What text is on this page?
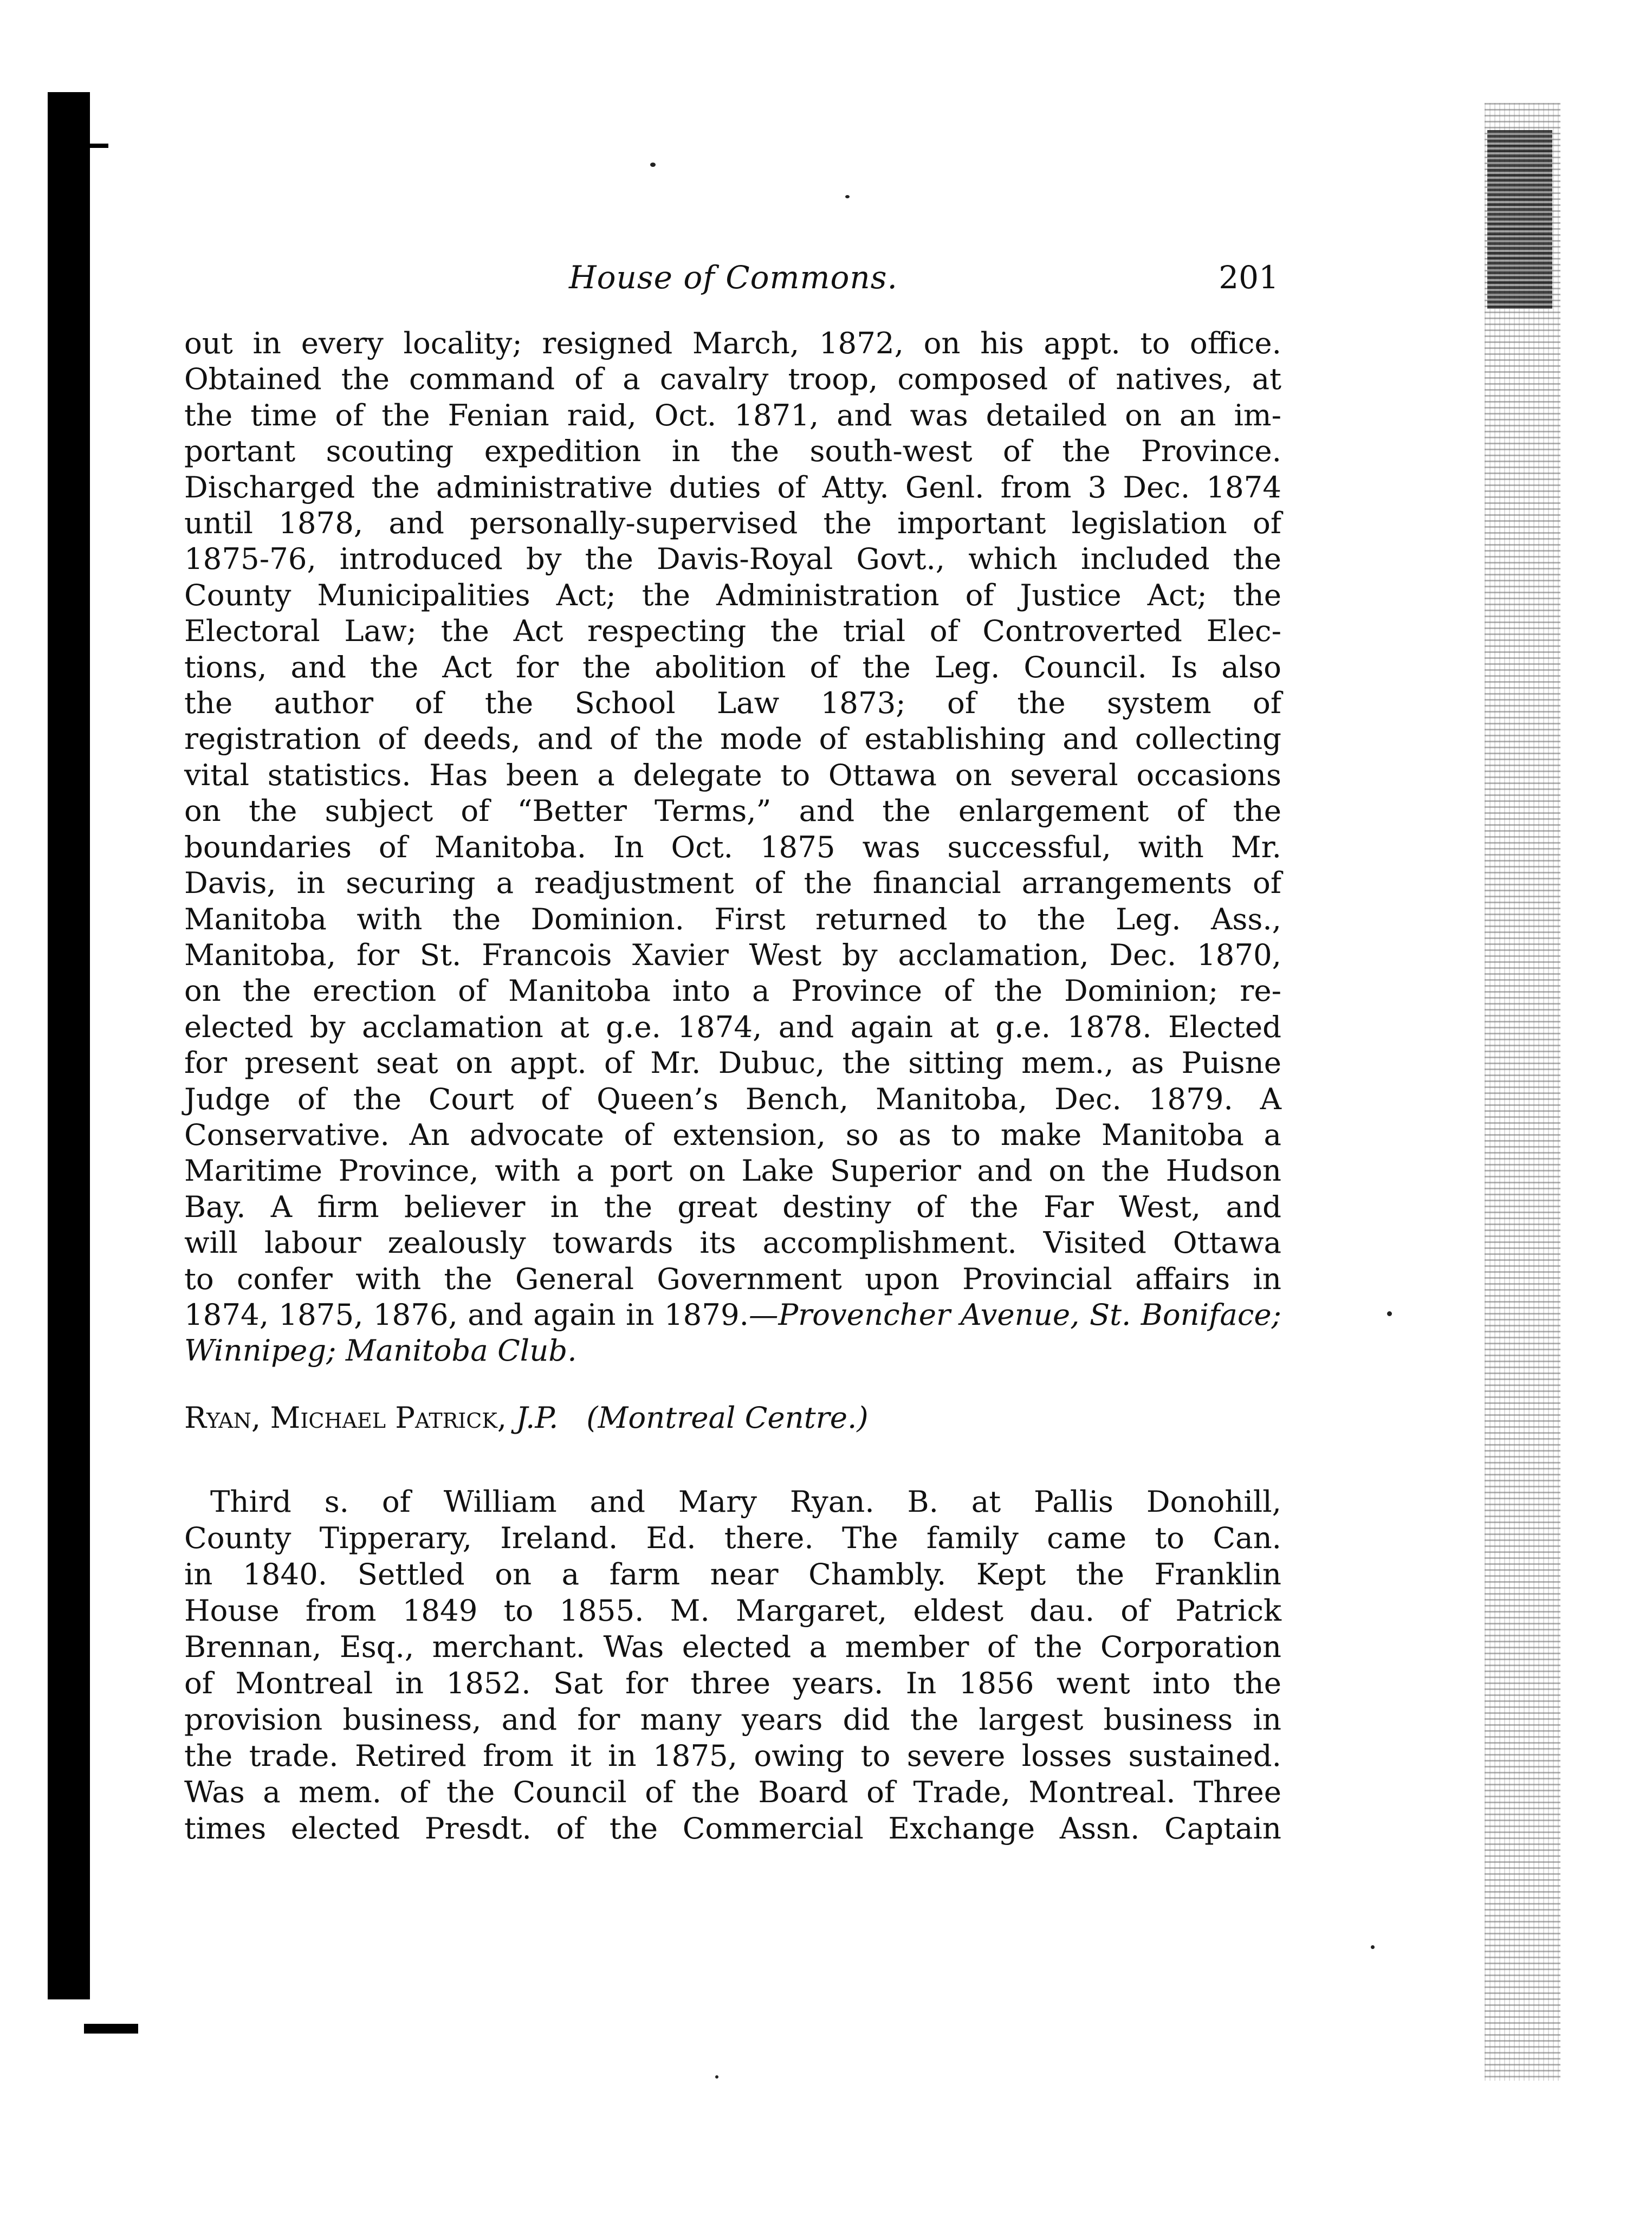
House of Commons.	201
out in every locality; resigned March, 1872, on his appt. to office.
Obtained the command of a cavalry troop, composed of natives, at
the time of the Fenian raid, Oct. 1871, and was detailed on an im-
portant scouting expedition in the south-west of the Province.
Discharged the administrative duties of Atty. Genl. from 3 Dec. 1874
until 1878, and personally-supervised the important legislation of
1875-76, introduced by the Davis-Royal Govt., which included the
County Municipalities Act; the Administration of Justice Act; the
Electoral Law; the Act respecting the trial of Controverted Elec-
tions, and the Act for the abolition of the Leg. Council. Is also
the author of the School Law 1873; of the system of
registration of deeds, and of the mode of establishing and collecting
vital statistics. Has been a delegate to Ottawa on several occasions
on the subject of “Better Terms,” and the enlargement of the
boundaries of Manitoba. In Oct. 1875 was successful, with Mr.
Davis, in securing a readjustment of the financial arrangements of
Manitoba with the Dominion. First returned to the Leg. Ass.,
Manitoba, for St. Francois Xavier West by acclamation, Dec. 1870,
on the erection of Manitoba into a Province of the Dominion; re-
elected by acclamation at g.e. 1874, and again at g.e. 1878. Elected
for present seat on appt. of Mr. Dubuc, the sitting mem., as Puisne
Judge of the Court of Queen’s Bench, Manitoba, Dec. 1879. A
Conservative. An advocate of extension, so as to make Manitoba a
Maritime Province, with a port on Lake Superior and on the Hudson
Bay. A firm believer in the great destiny of the Far West, and
will labour zealously towards its accomplishment. Visited Ottawa
to confer with the General Government upon Provincial affairs in
1874, 1875, 1876, and again in 1879.—Provencher Avenue, St. Boniface;
Winnipeg; Manitoba Club.
Ryan, Michael Patrick, J.P. (Montreal Centre.)
Third s. of William and Mary Ryan. B. at Pallis Donohill,
County Tipperary, Ireland. Ed. there. The family came to Can.
in 1840. Settled on a farm near Chambly. Kept the Franklin
House from 1849 to 1855. M. Margaret, eldest dau. of Patrick
Brennan, Esq., merchant. Was elected a member of the Corporation
of Montreal in 1852. Sat for three years. In 1856 went into the
provision business, and for many years did the largest business in
the trade. Retired from it in 1875, owing to severe losses sustained.
Was a mem. of the Council of the Board of Trade, Montreal. Three
times elected Presdt. of the Commercial Exchange Assn. Captain
